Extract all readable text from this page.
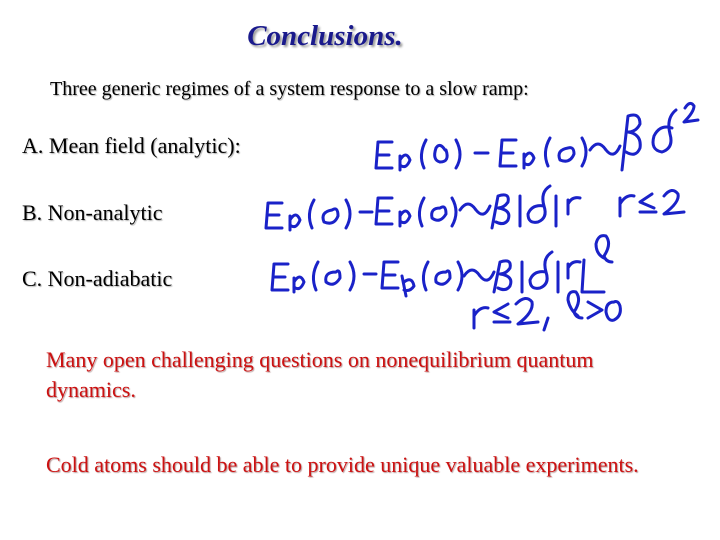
Conclusions.
Three generic regimes of a system response to a slow ramp:
A. Mean field (analytic):
B. Non-analytic
C. Non-adiabatic
Many open challenging questions on nonequilibrium quantum dynamics.
Cold atoms should be able to provide unique valuable experiments.
